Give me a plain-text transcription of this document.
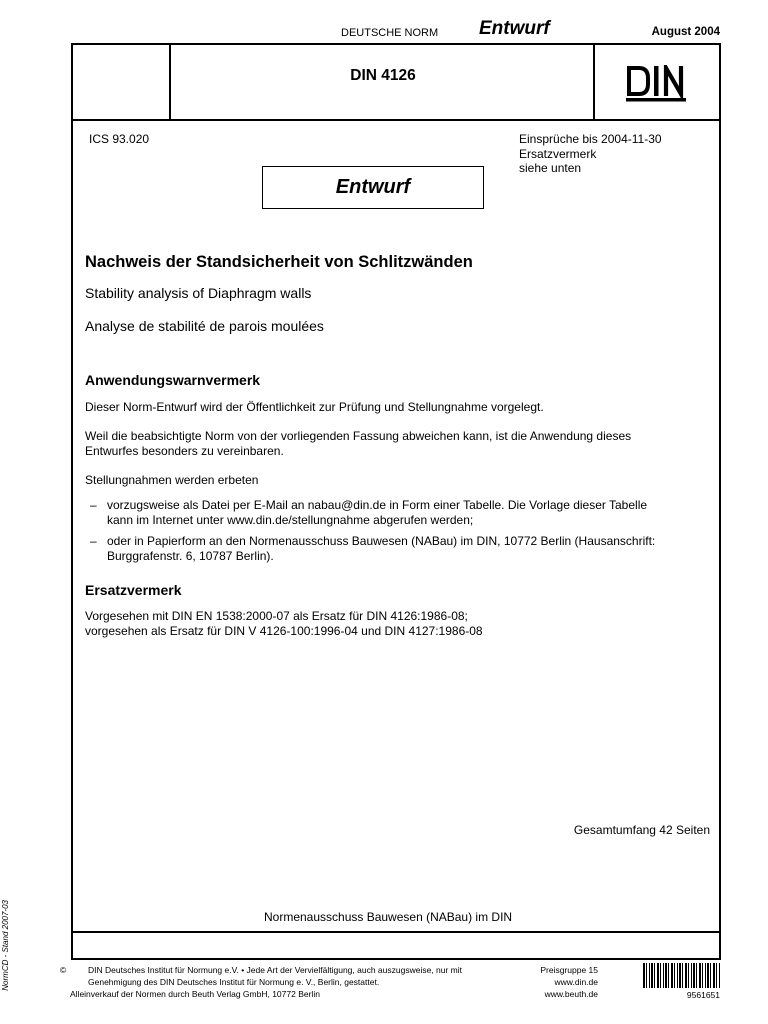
DEUTSCHE NORM Entwurf	August 2004
DIN 4126
ICS 93.020	Einsprüche bis 2004-11-30
Ersatzvermerk
siehe unten
Entwurf
Nachweis der Standsicherheit von Schlitzwänden
Stability analysis of Diaphragm walls
Analyse de stabilité de parois moulées
Anwendungswarnvermerk
Dieser Norm-Entwurf wird der Öffentlichkeit zur Prüfung und Stellungnahme vorgelegt.
Weil die beabsichtigte Norm von der vorliegenden Fassung abweichen kann, ist die Anwendung dieses
Entwurfes besonders zu vereinbaren.
Stellungnahmen werden erbeten
– vorzugsweise als Datei per E-Mail an nabau@din.de in Form einer Tabelle. Die Vorlage dieser Tabelle
kann im Internet unter www.din.de/stellungnahme abgerufen werden;
– oder in Papierform an den Normenausschuss Bauwesen (NABau) im DIN, 10772 Berlin (Hausanschrift:
Burggrafenstr. 6, 10787 Berlin).
Ersatzvermerk
Vorgesehen mit DIN EN 1538:2000-07 als Ersatz für DIN 4126:1986-08;
vorgesehen als Ersatz für DIN V 4126-100:1996-04 und DIN 4127:1986-08
Gesamtumfang 42 Seiten
Normenausschuss Bauwesen (NABau) im DIN
©	DIN Deutsches Institut für Normung e.V. • Jede Art der Vervielfältigung, auch auszugsweise, nur mit
Genehmigung des DIN Deutsches Institut für Normung e. V., Berlin, gestattet.
Alleinverkauf der Normen durch Beuth Verlag GmbH, 10772 Berlin
Preisgruppe 15
www.din.de
www.beuth.de	9561651
NormCD - Stand 2007-03
